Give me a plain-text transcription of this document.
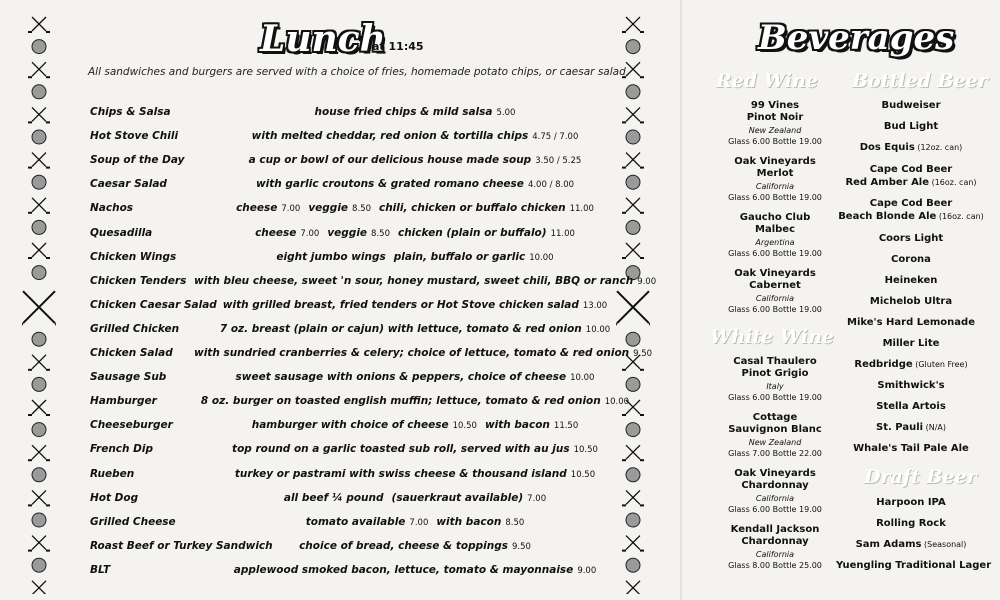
Lunch
at 11:45
All sandwiches and burgers are served with a choice of fries, homemade potato chips, or caesar salad
Chips & Salsa	house fried chips & mild salsa 5.00
Hot Stove Chili	with melted cheddar, red onion & tortilla chips 4.75 / 7.00
Soup of the Day	a cup or bowl of our delicious house made soup 3.50 / 5.25
Caesar Salad	with garlic croutons & grated romano cheese 4.00 / 8.00
Nachos	cheese 7.00 veggie 8.50 chili, chicken or buffalo chicken 11.00
Quesadilla	cheese 7.00 veggie 8.50 chicken (plain or buffalo) 11.00
Chicken Wings	eight jumbo wings plain, buffalo or garlic 10.00
Chicken Tenders with bleu cheese, sweet 'n sour, honey mustard, sweet chili, BBQ or ranch 9.00
Chicken Caesar Salad with grilled breast, fried tenders or Hot Stove chicken salad 13.00
Grilled Chicken	7 oz. breast (plain or cajun) with lettuce, tomato & red onion 10.00
Chicken Salad	with sundried cranberries & celery; choice of lettuce, tomato & red onion 9.50
Sausage Sub	sweet sausage with onions & peppers, choice of cheese 10.00
Hamburger	8 oz. burger on toasted english muffin; lettuce, tomato & red onion 10.00
Cheeseburger	hamburger with choice of cheese 10.50 with bacon 11.50
French Dip	top round on a garlic toasted sub roll, served with au jus 10.50
Rueben	turkey or pastrami with swiss cheese & thousand island 10.50
Hot Dog	all beef ¼ pound (sauerkraut available) 7.00
Grilled Cheese	tomato available 7.00 with bacon 8.50
Roast Beef or Turkey Sandwich	choice of bread, cheese & toppings 9.50
BLT	applewood smoked bacon, lettuce, tomato & mayonnaise 9.00
Beverages
Red Wine
White Wine
Bottled Beer
Draft Beer
99 Vines
Pinot Noir
New Zealand
Glass 6.00 Bottle 19.00
Oak Vineyards
Merlot
California
Glass 6.00 Bottle 19.00
Gaucho Club
Malbec
Argentina
Glass 6.00 Bottle 19.00
Oak Vineyards
Cabernet
California
Glass 6.00 Bottle 19.00
Casal Thaulero
Pinot Grigio
Italy
Glass 6.00 Bottle 19.00
Cottage
Sauvignon Blanc
New Zealand
Glass 7.00 Bottle 22.00
Oak Vineyards
Chardonnay
California
Glass 6.00 Bottle 19.00
Kendall Jackson
Chardonnay
California
Glass 8.00 Bottle 25.00
Budweiser
Bud Light
Dos Equis (12oz. can)
Cape Cod Beer
Red Amber Ale (16oz. can)
Cape Cod Beer
Beach Blonde Ale (16oz. can)
Coors Light
Corona
Heineken
Michelob Ultra
Mike's Hard Lemonade
Miller Lite
Redbridge (Gluten Free)
Smithwick's
Stella Artois
St. Pauli (N/A)
Whale's Tail Pale Ale
Harpoon IPA
Rolling Rock
Sam Adams (Seasonal)
Yuengling Traditional Lager
